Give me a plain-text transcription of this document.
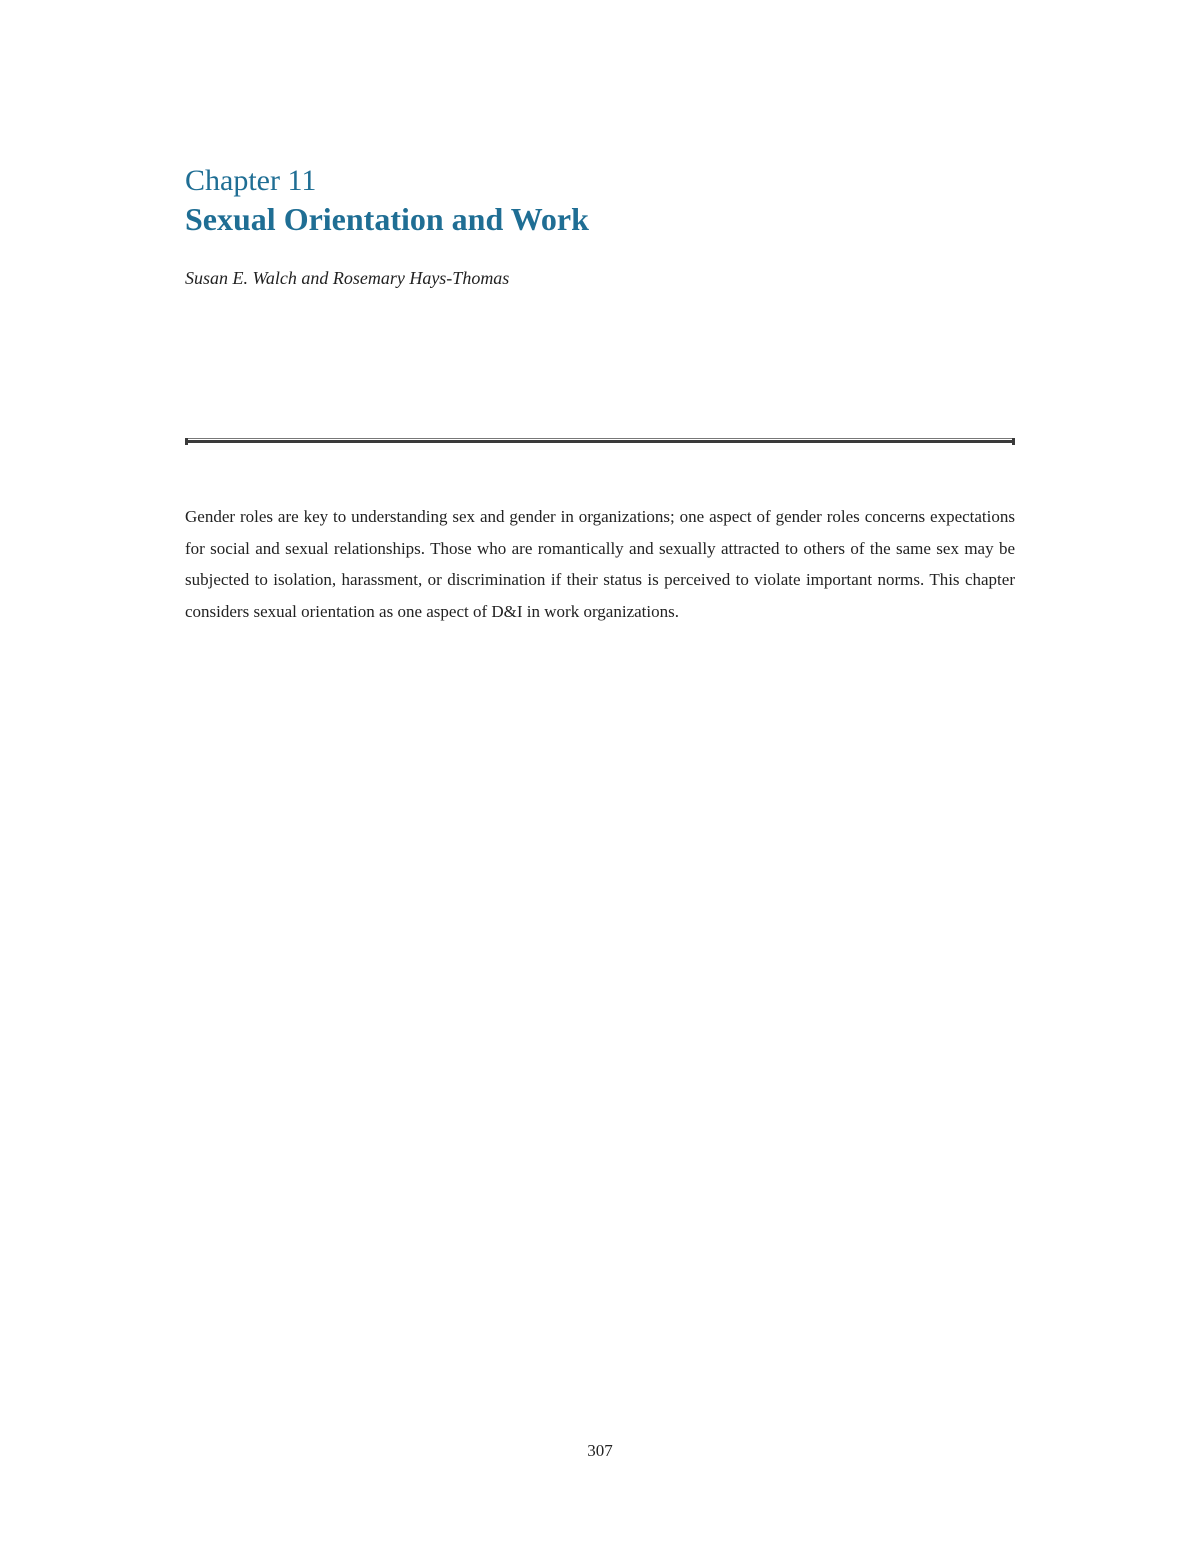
Chapter 11
Sexual Orientation and Work
Susan E. Walch and Rosemary Hays-Thomas

Gender roles are key to understanding sex and gender in organizations; one aspect of gender roles concerns expectations for social and sexual relationships. Those who are romantically and sexually attracted to others of the same sex may be subjected to isolation, harassment, or discrimination if their status is perceived to violate important norms. This chapter considers sexual orientation as one aspect of D&I in work organizations.

307
